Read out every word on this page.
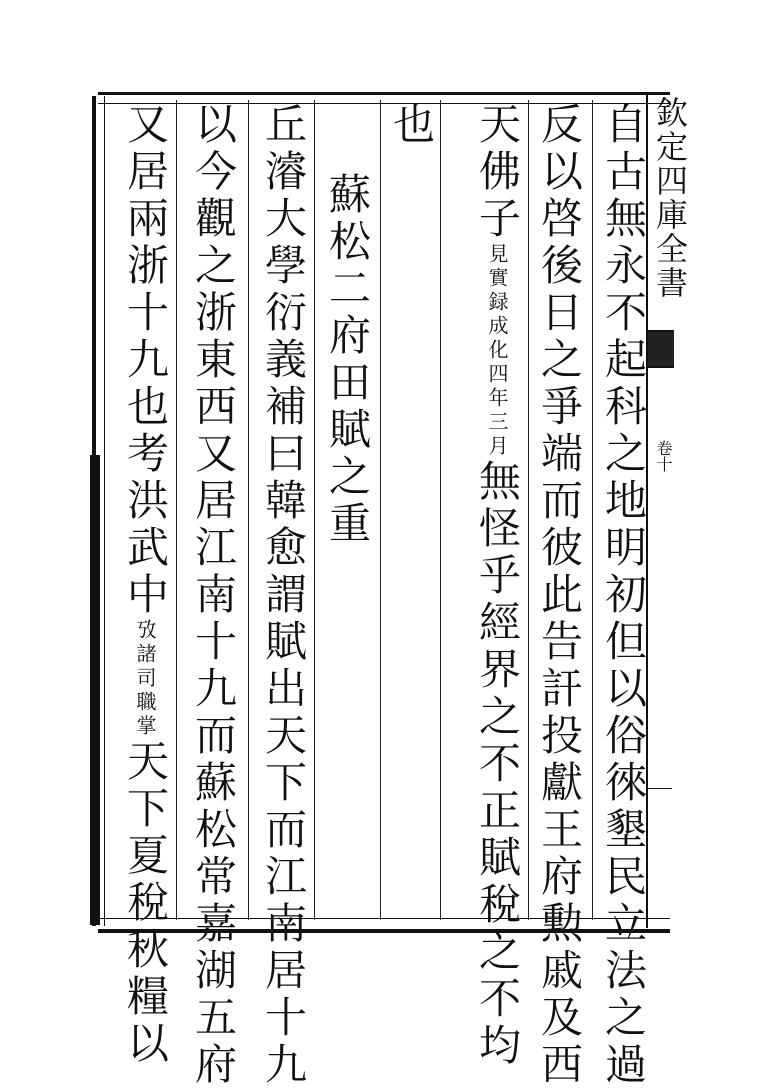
欽定四庫全書
卷十
自古無永不起科之地明初但以俗徠墾民立法之過
反以啓後日之爭端而彼此告訐投獻王府勲戚及西
天佛子見實録成化四年三月無怪乎經界之不正賦稅之不均
也
蘇松二府田賦之重
丘濬大學衍義補曰韓愈謂賦出天下而江南居十九
以今觀之浙東西又居江南十九而蘇松常嘉湖五府
又居兩浙十九也考洪武中攷諸司職掌天下夏稅秋糧以
